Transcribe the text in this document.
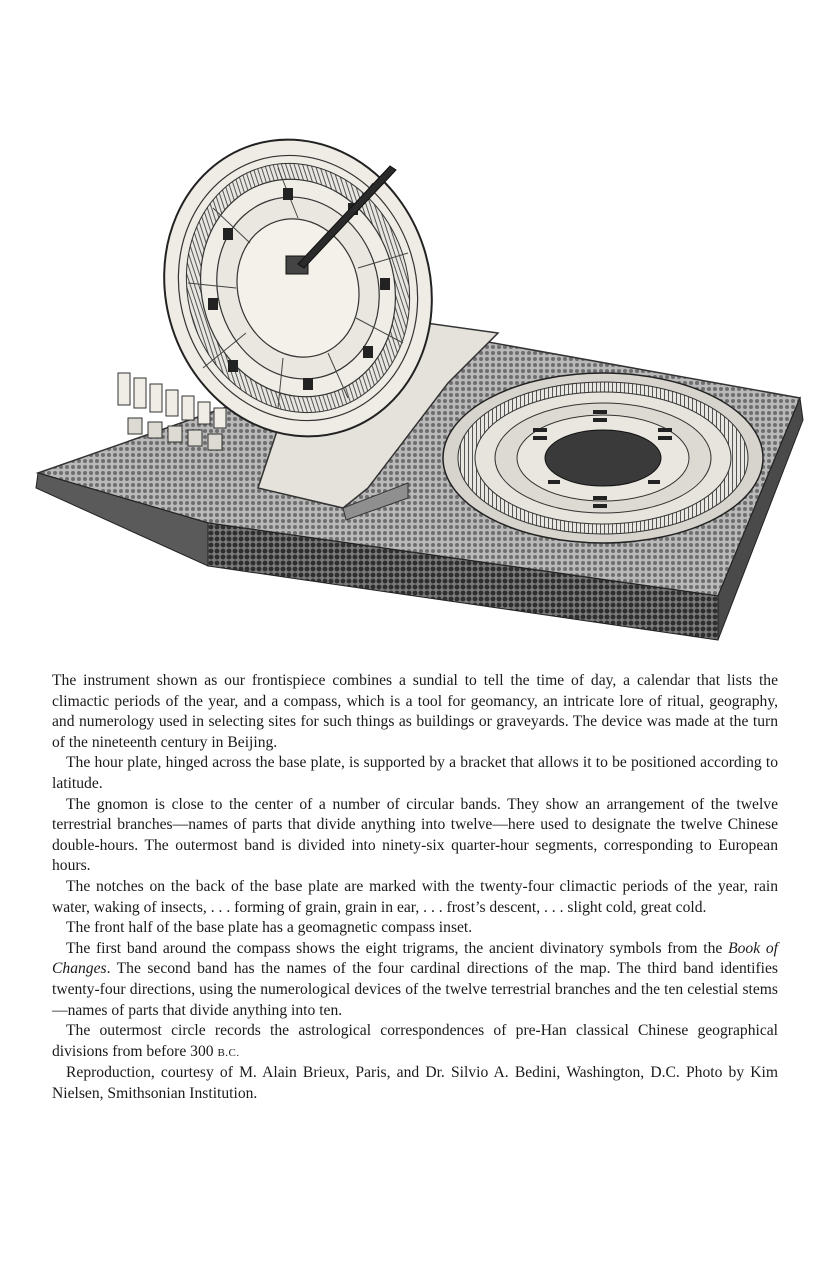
The instrument shown as our frontispiece combines a sundial to tell the time of day, a calendar that lists the climactic periods of the year, and a compass, which is a tool for geomancy, an intricate lore of ritual, geography, and numerology used in selecting sites for such things as buildings or graveyards. The device was made at the turn of the nineteenth century in Beijing.

The hour plate, hinged across the base plate, is supported by a bracket that allows it to be positioned according to latitude.

The gnomon is close to the center of a number of circular bands. They show an arrangement of the twelve terrestrial branches—names of parts that divide anything into twelve—here used to designate the twelve Chinese double-hours. The outermost band is divided into ninety-six quarter-hour segments, corresponding to European hours.

The notches on the back of the base plate are marked with the twenty-four climactic periods of the year, rain water, waking of insects, . . . forming of grain, grain in ear, . . . frost’s descent, . . . slight cold, great cold.

The front half of the base plate has a geomagnetic compass inset.

The first band around the compass shows the eight trigrams, the ancient divinatory symbols from the Book of Changes. The second band has the names of the four cardinal directions of the map. The third band identifies twenty-four directions, using the numerological devices of the twelve terrestrial branches and the ten celestial stems—names of parts that divide anything into ten.

The outermost circle records the astrological correspondences of pre-Han classical Chinese geographical divisions from before 300 B.C.

Reproduction, courtesy of M. Alain Brieux, Paris, and Dr. Silvio A. Bedini, Washington, D.C. Photo by Kim Nielsen, Smithsonian Institution.
